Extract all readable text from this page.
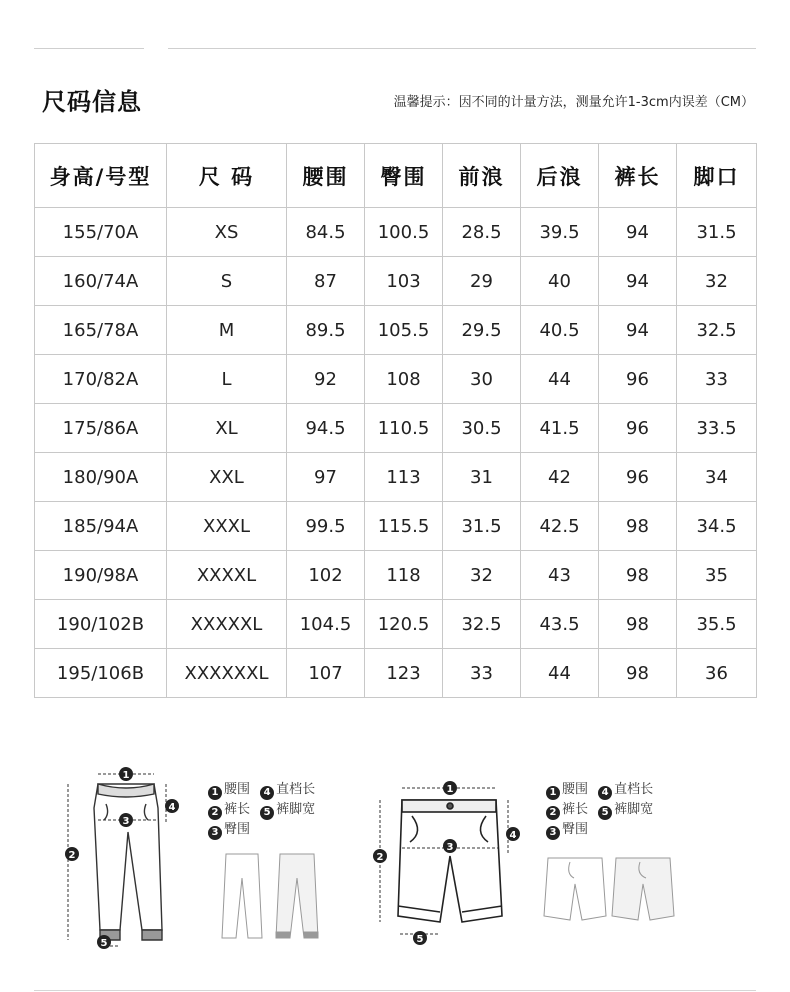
尺码信息	温馨提示：因不同的计量方法，测量允许1-3cm内误差（CM）
身高/号型	尺 码	腰围	臀围	前浪	后浪	裤长	脚口
155/70A	XS	84.5	100.5	28.5	39.5	94	31.5
160/74A	S	87	103	29	40	94	32
165/78A	M	89.5	105.5	29.5	40.5	94	32.5
170/82A	L	92	108	30	44	96	33
175/86A	XL	94.5	110.5	30.5	41.5	96	33.5
180/90A	XXL	97	113	31	42	96	34
185/94A	XXXL	99.5	115.5	31.5	42.5	98	34.5
190/98A	XXXXL	102	118	32	43	98	35
190/102B	XXXXXL	104.5	120.5	32.5	43.5	98	35.5
195/106B	XXXXXXL	107	123	33	44	98	36
1
2
3
4
5
1 腰围 4 直档长
2 裤长 5 裤脚宽
3 臀围
1
2
3
4
5
1 腰围 4 直档长
2 裤长 5 裤脚宽
3 臀围
